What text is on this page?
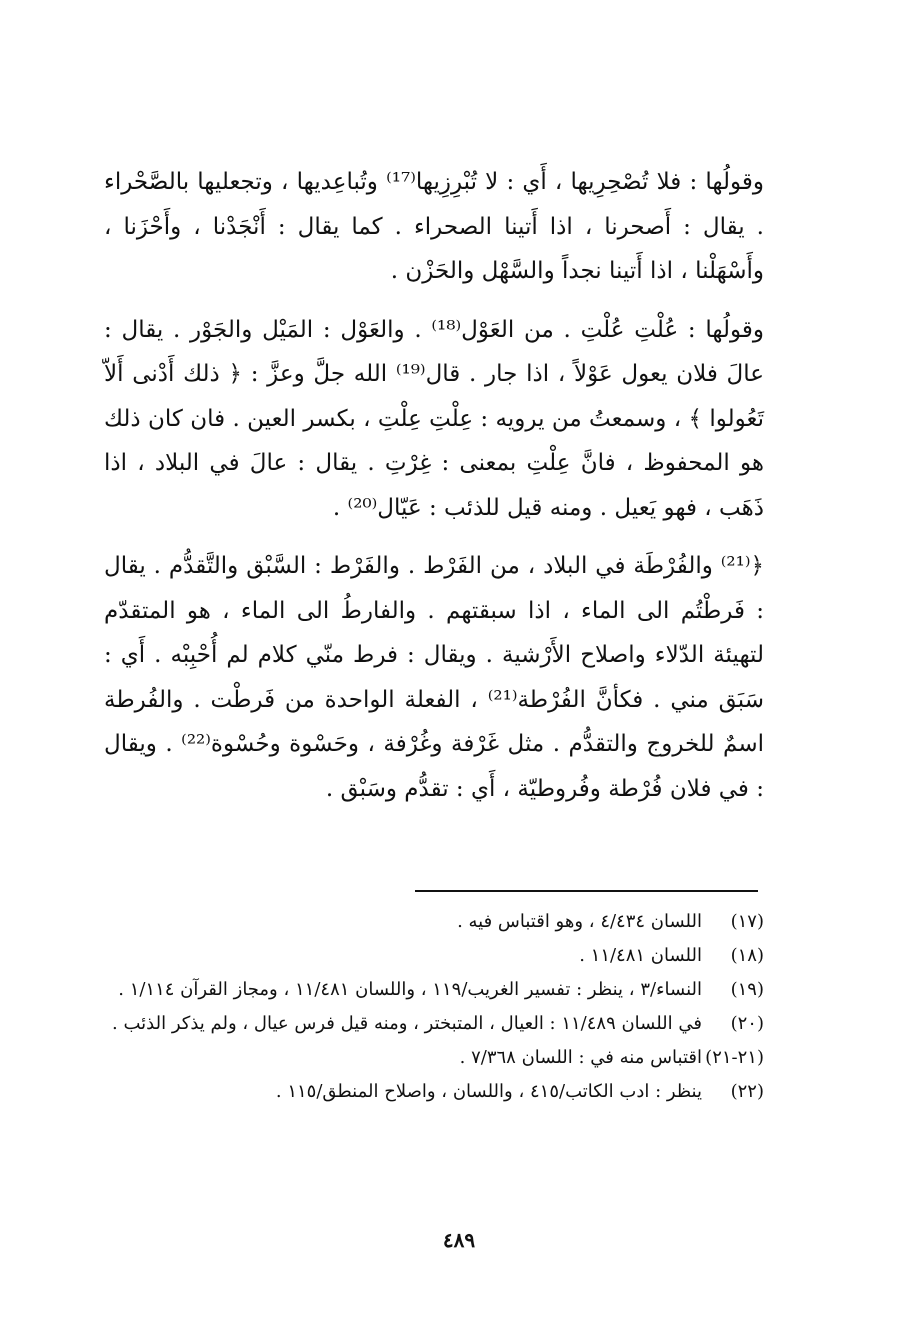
وقولُها : فلا تُصْحِرِيها ، أَي : لا تُبْرِزِيها⁽¹⁷⁾ وتُباعِديها ، وتجعليها بالصَّحْراء . يقال : أَصحرنا ، اذا أَتينا الصحراء . كما يقال : أَنْجَدْنا ، وأَحْزَنا ، وأَسْهَلْنا ، اذا أَتينا نجداً والسَّهْل والحَزْن .

وقولُها : عُلْتِ عُلْتِ . من العَوْل⁽¹⁸⁾ . والعَوْل : المَيْل والجَوْر . يقال : عالَ فلان يعول عَوْلاً ، اذا جار . قال⁽¹⁹⁾ الله جلَّ وعزَّ : ﴿ ذلك أَدْنى أَلاّ تَعُولوا ﴾ ، وسمعتُ من يرويه : عِلْتِ عِلْتِ ، بكسر العين . فان كان ذلك هو المحفوظ ، فانَّ عِلْتِ بمعنى : غِرْتِ . يقال : عالَ في البلاد ، اذا ذَهَب ، فهو يَعيل . ومنه قيل للذئب : عَيّال⁽²⁰⁾ .

﴿⁽²¹⁾ والفُرْطَة في البلاد ، من الفَرْط . والفَرْط : السَّبْق والتَّقدُّم . يقال : فَرطْتُم الى الماء ، اذا سبقتهم . والفارطُ الى الماء ، هو المتقدّم لتهيئة الدّلاء واصلاح الأَرْشية . ويقال : فرط منّي كلام لم أُحْبِبْه . أَي : سَبَق مني . فكأنَّ الفُرْطة⁽²¹⁾ ، الفعلة الواحدة من فَرطْت . والفُرطة اسمٌ للخروج والتقدُّم . مثل غَرْفة وغُرْفة ، وحَسْوة وحُسْوة⁽²²⁾ . ويقال : في فلان فُرْطة وفُروطيّة ، أَي : تقدُّم وسَبْق .

(١٧)
اللسان ٤/٤٣٤ ، وهو اقتباس فيه .
(١٨)
اللسان ١١/٤٨١ .
(١٩)
النساء/٣ ، ينظر : تفسير الغريب/١١٩ ، واللسان ١١/٤٨١ ، ومجاز القرآن ١/١١٤ .
(٢٠)
في اللسان ١١/٤٨٩ : العيال ، المتبختر ، ومنه قيل فرس عيال ، ولم يذكر الذئب .
(٢١-٢١)
اقتباس منه في : اللسان ٧/٣٦٨ .
(٢٢)
ينظر : ادب الكاتب/٤١٥ ، واللسان ، واصلاح المنطق/١١٥ .
٤٨٩
